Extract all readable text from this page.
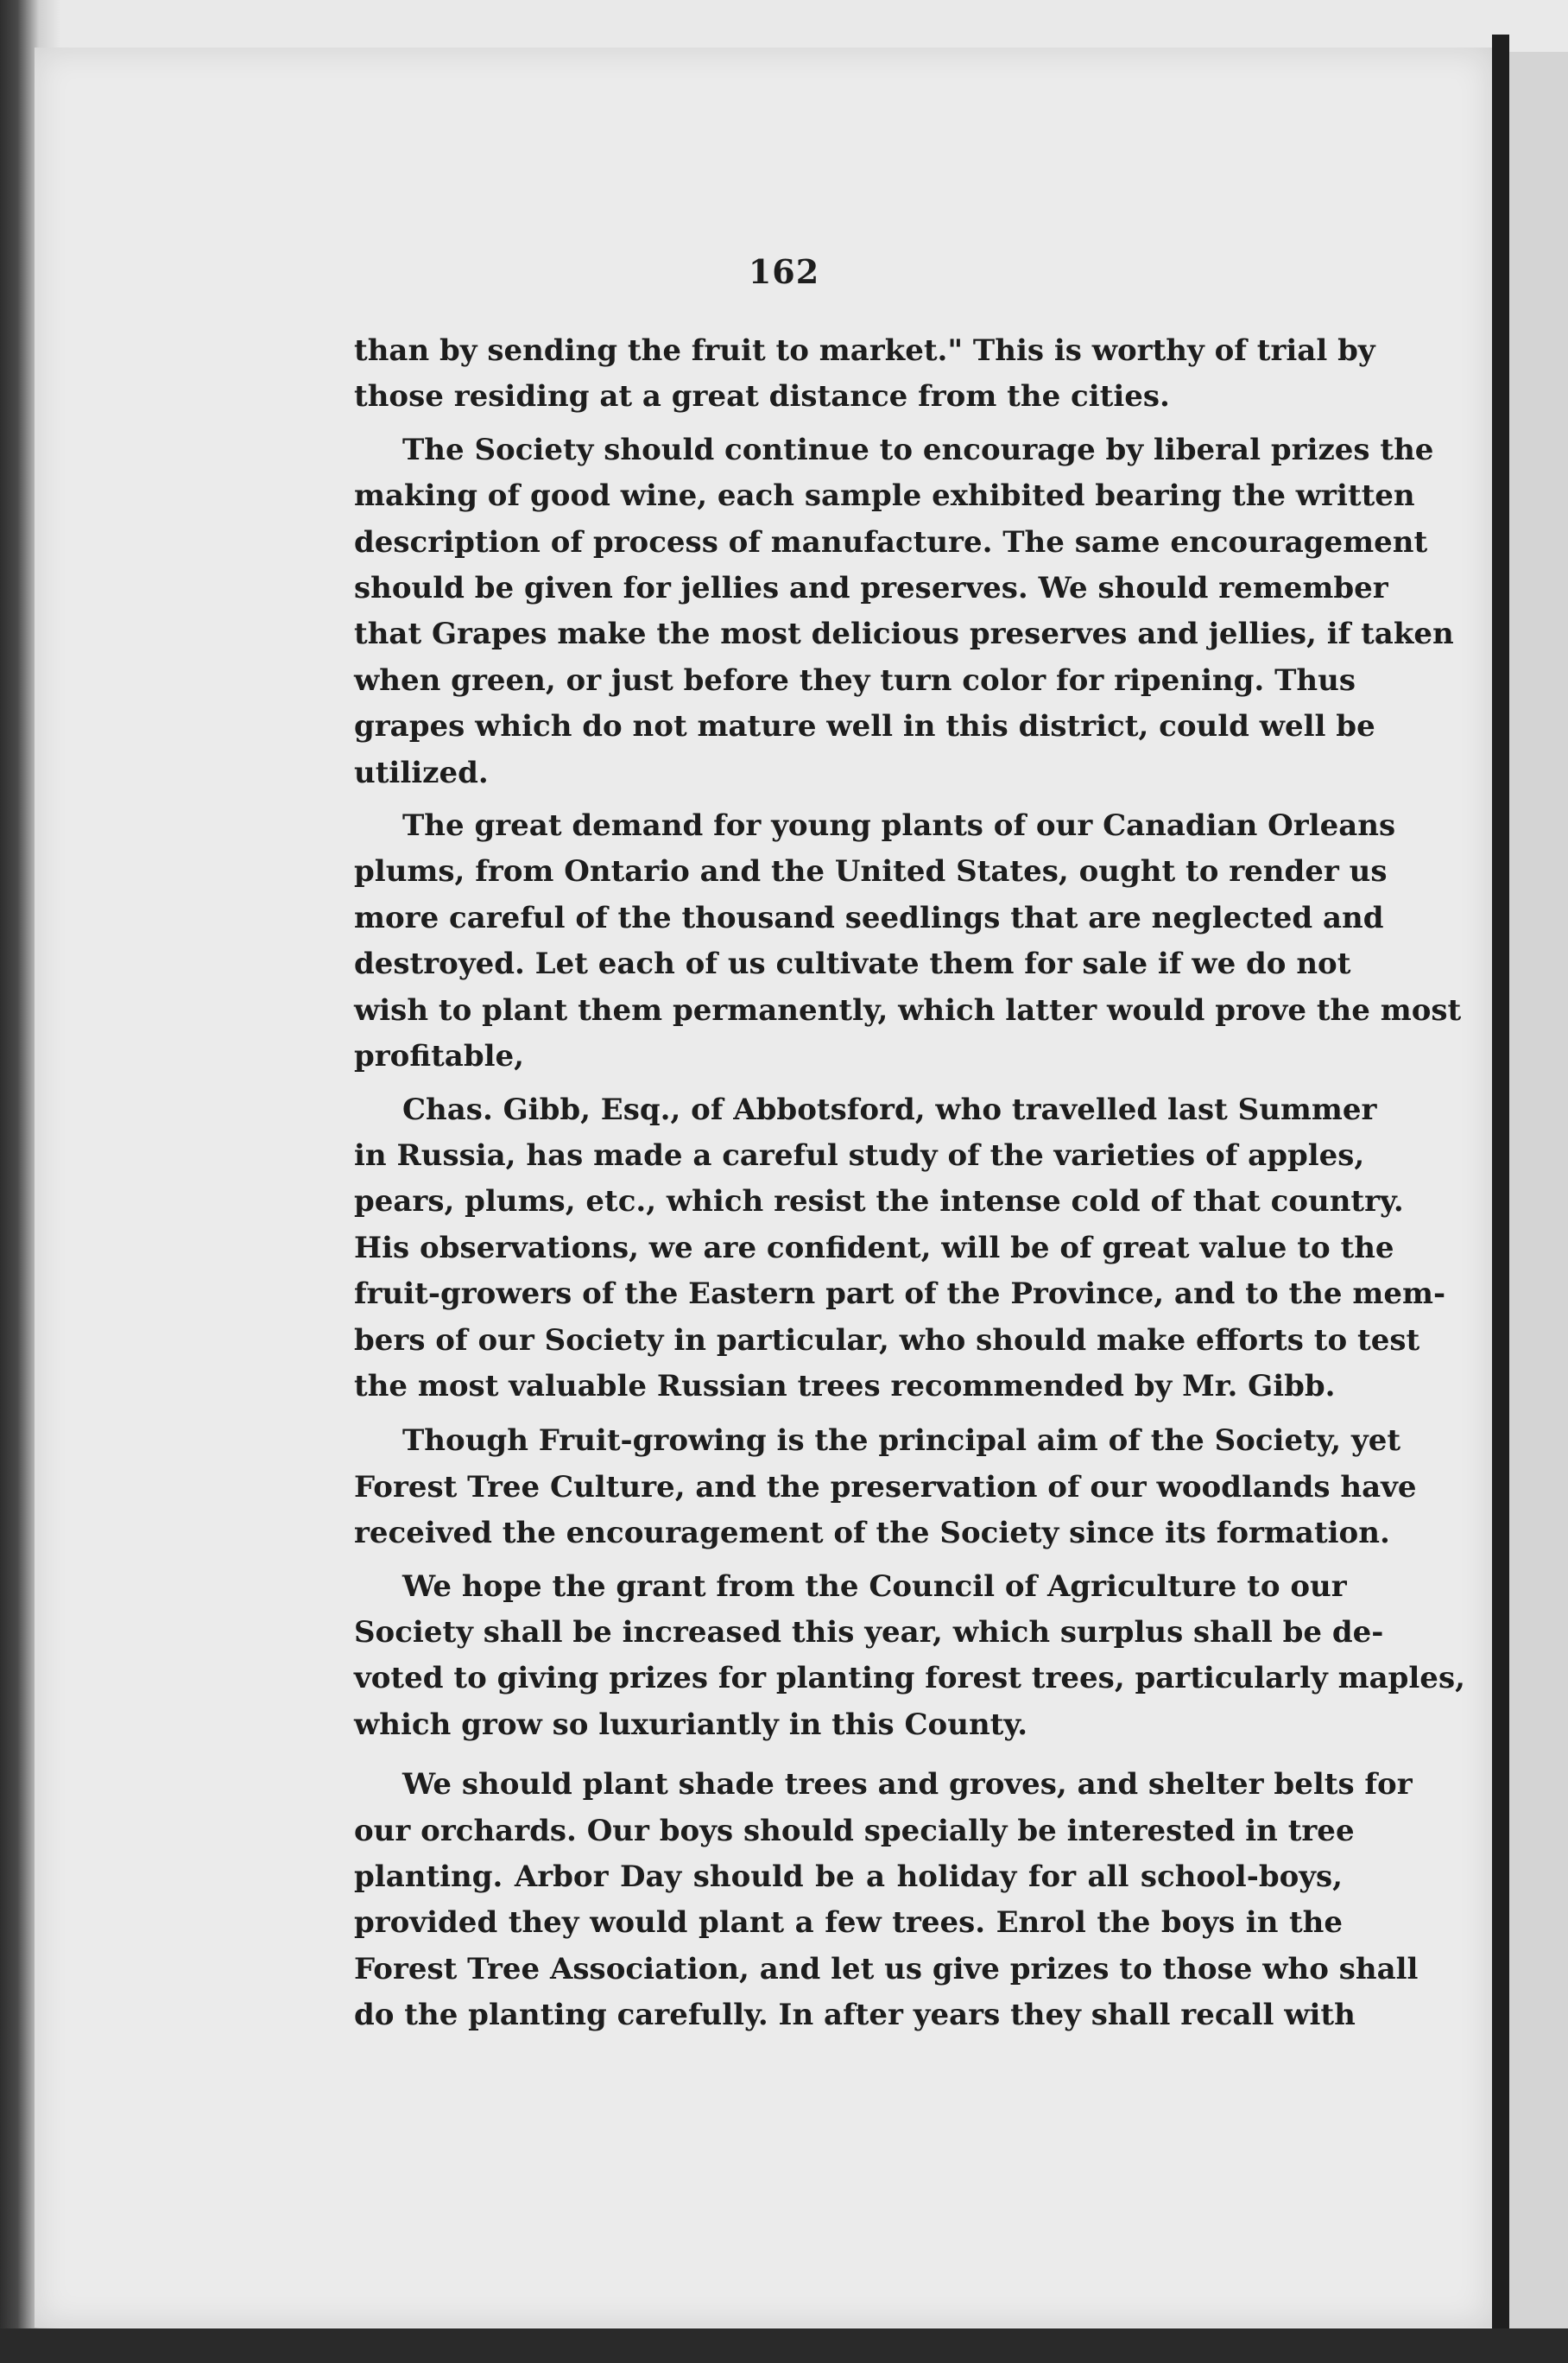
162
than by sending the fruit to market." This is worthy of trial by
those residing at a great distance from the cities.
The Society should continue to encourage by liberal prizes the
making of good wine, each sample exhibited bearing the written
description of process of manufacture. The same encouragement
should be given for jellies and preserves. We should remember
that Grapes make the most delicious preserves and jellies, if taken
when green, or just before they turn color for ripening. Thus
grapes which do not mature well in this district, could well be
utilized.
The great demand for young plants of our Canadian Orleans
plums, from Ontario and the United States, ought to render us
more careful of the thousand seedlings that are neglected and
destroyed. Let each of us cultivate them for sale if we do not
wish to plant them permanently, which latter would prove the most
profitable,
Chas. Gibb, Esq., of Abbotsford, who travelled last Summer
in Russia, has made a careful study of the varieties of apples,
pears, plums, etc., which resist the intense cold of that country.
His observations, we are confident, will be of great value to the
fruit-growers of the Eastern part of the Province, and to the mem-
bers of our Society in particular, who should make efforts to test
the most valuable Russian trees recommended by Mr. Gibb.
Though Fruit-growing is the principal aim of the Society, yet
Forest Tree Culture, and the preservation of our woodlands have
received the encouragement of the Society since its formation.
We hope the grant from the Council of Agriculture to our
Society shall be increased this year, which surplus shall be de-
voted to giving prizes for planting forest trees, particularly maples,
which grow so luxuriantly in this County.
We should plant shade trees and groves, and shelter belts for
our orchards. Our boys should specially be interested in tree
planting. Arbor Day should be a holiday for all school-boys,
provided they would plant a few trees. Enrol the boys in the
Forest Tree Association, and let us give prizes to those who shall
do the planting carefully. In after years they shall recall with
